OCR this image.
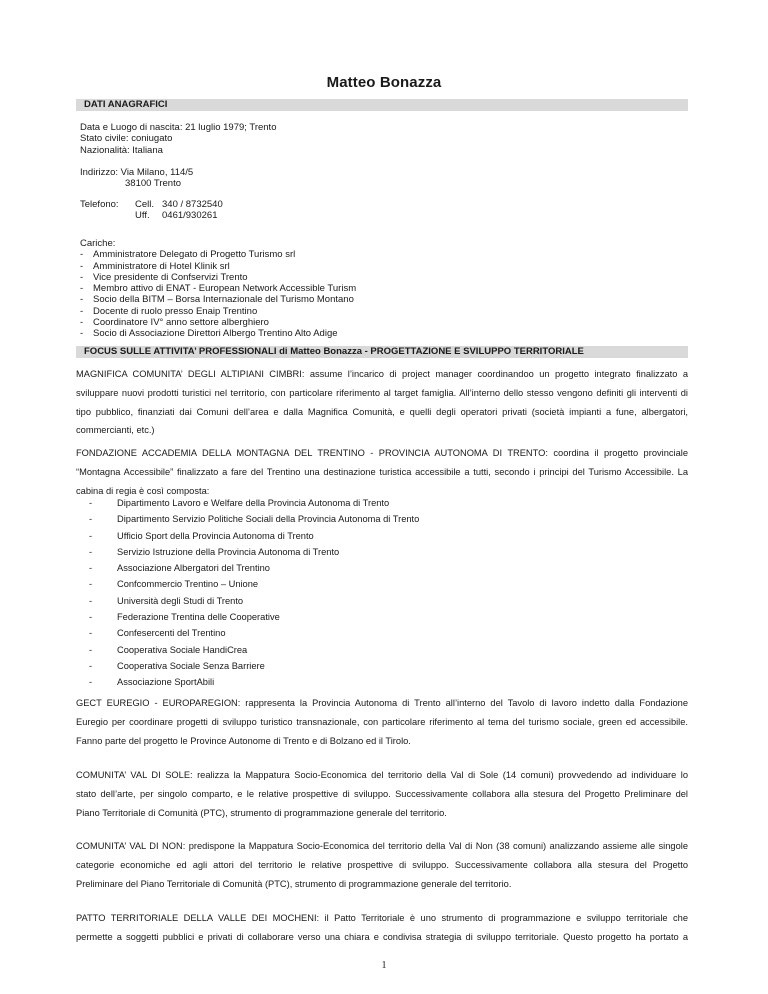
Matteo Bonazza
DATI ANAGRAFICI
Data e Luogo di nascita: 21 luglio 1979; Trento
Stato civile: coniugato
Nazionalità: Italiana
Indirizzo: Via Milano, 114/5
38100 Trento
Telefono: Cell. 340 / 8732540
Uff. 0461/930261
Cariche:
- Amministratore Delegato di Progetto Turismo srl
- Amministratore di Hotel Klinik srl
- Vice presidente di Confservizi Trento
- Membro attivo di ENAT - European Network Accessible Turism
- Socio della BITM – Borsa Internazionale del Turismo Montano
- Docente di ruolo presso Enaip Trentino
- Coordinatore IV° anno settore alberghiero
- Socio di Associazione Direttori Albergo Trentino Alto Adige
FOCUS SULLE ATTIVITA’ PROFESSIONALI di Matteo Bonazza - PROGETTAZIONE E SVILUPPO TERRITORIALE
MAGNIFICA COMUNITA’ DEGLI ALTIPIANI CIMBRI: assume l’incarico di project manager coordinandoo un progetto integrato finalizzato a
sviluppare nuovi prodotti turistici nel territorio, con particolare riferimento al target famiglia. All’interno dello stesso vengono definiti gli interventi di
tipo pubblico, finanziati dai Comuni dell’area e dalla Magnifica Comunità, e quelli degli operatori privati (società impianti a fune, albergatori,
commercianti, etc.)
FONDAZIONE ACCADEMIA DELLA MONTAGNA DEL TRENTINO - PROVINCIA AUTONOMA DI TRENTO: coordina il progetto provinciale
“Montagna Accessibile” finalizzato a fare del Trentino una destinazione turistica accessibile a tutti, secondo i principi del Turismo Accessibile. La
cabina di regia è così composta:
-	Dipartimento Lavoro e Welfare della Provincia Autonoma di Trento
-	Dipartimento Servizio Politiche Sociali della Provincia Autonoma di Trento
-	Ufficio Sport della Provincia Autonoma di Trento
-	Servizio Istruzione della Provincia Autonoma di Trento
-	Associazione Albergatori del Trentino
-	Confcommercio Trentino – Unione
-	Università degli Studi di Trento
-	Federazione Trentina delle Cooperative
-	Confesercenti del Trentino
-	Cooperativa Sociale HandiCrea
-	Cooperativa Sociale Senza Barriere
-	Associazione SportAbili
GECT EUREGIO - EUROPAREGION: rappresenta la Provincia Autonoma di Trento all’interno del Tavolo di lavoro indetto dalla Fondazione
Euregio per coordinare progetti di sviluppo turistico transnazionale, con particolare riferimento al tema del turismo sociale, green ed accessibile.
Fanno parte del progetto le Province Autonome di Trento e di Bolzano ed il Tirolo.
COMUNITA’ VAL DI SOLE: realizza la Mappatura Socio-Economica del territorio della Val di Sole (14 comuni) provvedendo ad individuare lo
stato dell’arte, per singolo comparto, e le relative prospettive di sviluppo. Successivamente collabora alla stesura del Progetto Preliminare del
Piano Territoriale di Comunità (PTC), strumento di programmazione generale del territorio.
COMUNITA’ VAL DI NON: predispone la Mappatura Socio-Economica del territorio della Val di Non (38 comuni) analizzando assieme alle singole
categorie economiche ed agli attori del territorio le relative prospettive di sviluppo. Successivamente collabora alla stesura del Progetto
Preliminare del Piano Territoriale di Comunità (PTC), strumento di programmazione generale del territorio.
PATTO TERRITORIALE DELLA VALLE DEI MOCHENI: il Patto Territoriale è uno strumento di programmazione e sviluppo territoriale che
permette a soggetti pubblici e privati di collaborare verso una chiara e condivisa strategia di sviluppo territoriale. Questo progetto ha portato a
1
